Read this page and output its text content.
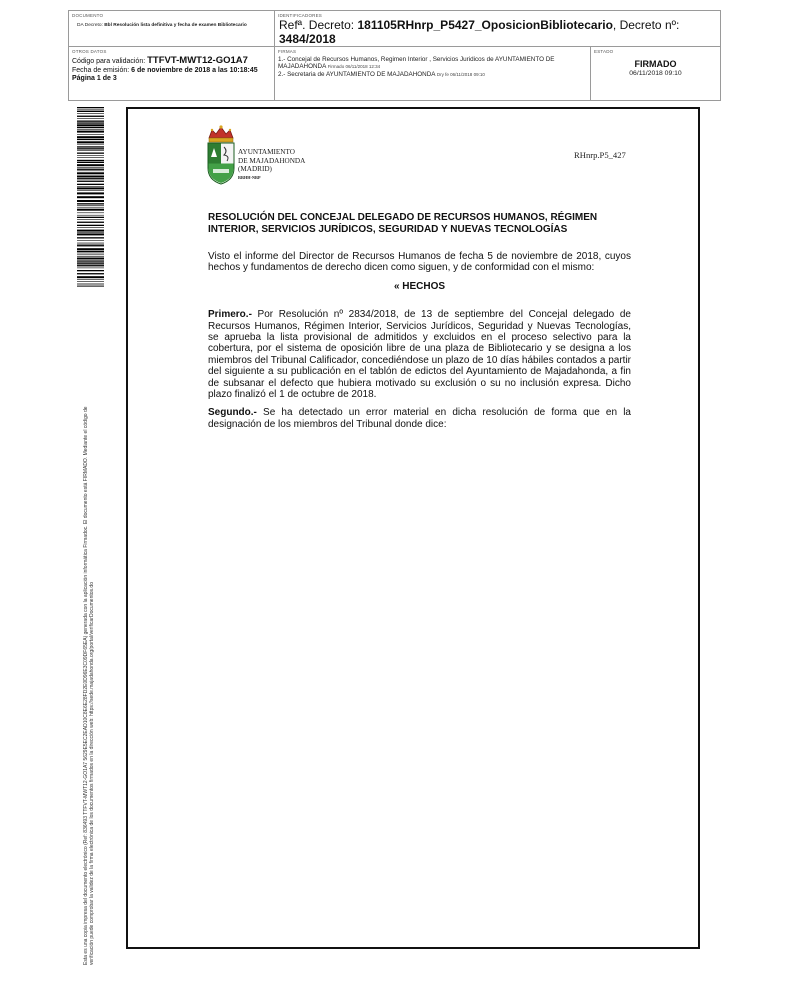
DOCUMENTO
DA Decreto: Bbl Resolución lista definitiva y fecha de examen Bibliotecario
IDENTIFICADORES
Refª. Decreto: 181105RHnrp_P5427_OposicionBibliotecario, Decreto nº: 3484/2018
OTROS DATOS
Código para validación: TTFVT-MWT12-GO1A7
Fecha de emisión: 6 de noviembre de 2018 a las 10:18:45
Página 1 de 3
FIRMAS
1.- Concejal de Recursos Humanos, Regimen Interior , Servicios Juridicos de AYUNTAMIENTO DE MAJADAHONDA Firmado 06/11/2018 12:34
2.- Secretaria de AYUNTAMIENTO DE MAJADAHONDA Dry fe 06/11/2018 09:10
ESTADO
FIRMADO
06/11/2018 09:10
Esta es una copia impresa del documento electrónico (Ref: 836493 TTFVT-MWT12-GO1A7 5629E5EC2EAD10C8E6E28FD2E0D96E3C09DF65EA) generada con la aplicación informática Firmadoc. El documento está FIRMADO. Mediante el código de verificación puede comprobar la validez de la firma electrónica de los documentos firmados en la dirección web: https://sede.majadahonda.org/portal/verificarDocumentos.do
AYUNTAMIENTO
DE MAJADAHONDA
(MADRID)
RRHH-NRP
RHnrp.P5_427
RESOLUCIÓN DEL CONCEJAL DELEGADO DE RECURSOS HUMANOS, RÉGIMEN INTERIOR, SERVICIOS JURÍDICOS, SEGURIDAD Y NUEVAS TECNOLOGÍAS

Visto el informe del Director de Recursos Humanos de fecha 5 de noviembre de 2018, cuyos hechos y fundamentos de derecho dicen como siguen, y de conformidad con el mismo:

« HECHOS

Primero.- Por Resolución nº 2834/2018, de 13 de septiembre del Concejal delegado de Recursos Humanos, Régimen Interior, Servicios Jurídicos, Seguridad y Nuevas Tecnologías, se aprueba la lista provisional de admitidos y excluidos en el proceso selectivo para la cobertura, por el sistema de oposición libre de una plaza de Bibliotecario y se designa a los miembros del Tribunal Calificador, concediéndose un plazo de 10 días hábiles contados a partir del siguiente a su publicación en el tablón de edictos del Ayuntamiento de Majadahonda, a fin de subsanar el defecto que hubiera motivado su exclusión o su no inclusión expresa. Dicho plazo finalizó el 1 de octubre de 2018.

Segundo.- Se ha detectado un error material en dicha resolución de forma que en la designación de los miembros del Tribunal donde dice:
